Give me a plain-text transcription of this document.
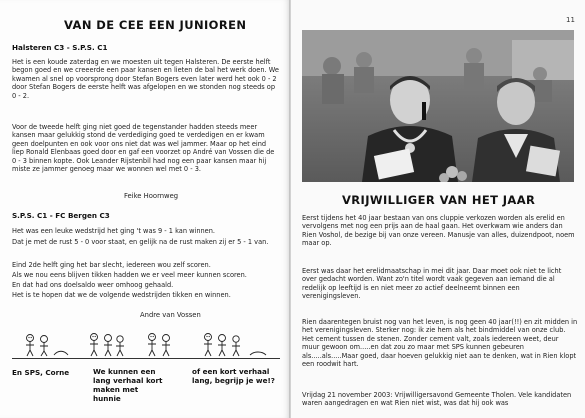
VAN DE CEE EEN JUNIOREN
Halsteren C3 - S.P.S. C1
Het is een koude zaterdag en we moesten uit tegen Halsteren. De eerste helft begon goed en we creeerde een paar kansen en lieten de bal het werk doen. We kwamen al snel op voorsprong door Stefan Bogers even later werd het ook 0 - 2 door Stefan Bogers de eerste helft was afgelopen en we stonden nog steeds op 0 - 2.
Voor de tweede helft ging niet goed de tegenstander hadden steeds meer kansen maar gelukkig stond de verdediging goed te verdedigen en er kwam geen doelpunten en ook voor ons niet dat was wel jammer. Maar op het eind liep Ronald Elenbaas goed door en gaf een voorzet op André van Vossen die de 0 - 3 binnen kopte. Ook Leander Rijstenbil had nog een paar kansen maar hij miste ze jammer genoeg maar we wonnen wel met 0 - 3.
Feike Hoornweg
S.P.S. C1 - FC Bergen C3
Het was een leuke wedstrijd het ging 't was 9 - 1 kan winnen.
Dat je met de rust 5 - 0 voor staat, en gelijk na de rust maken zij er 5 - 1 van.
Eind 2de helft ging het bar slecht, iedereen wou zelf scoren.
Als we nou eens blijven tikken hadden we er veel meer kunnen scoren.
En dat had ons doelsaldo weer omhoog gehaald.
Het is te hopen dat we de volgende wedstrijden tikken en winnen.
Andre van Vossen
En SPS, Corne	We kunnen een lang verhaal kort maken met hunnie
of een kort verhaal lang, begrijp je we!?
11
VRIJWILLIGER VAN HET JAAR
Eerst tijdens het 40 jaar bestaan van ons cluppie verkozen worden als erelid en vervolgens met nog een prijs aan de haal gaan. Het overkwam wie anders dan Rien Voshol, de bezige bij van onze vereen. Manusje van alles, duizendpoot, noem maar op.
Eerst was daar het erelidmaatschap in mei dit jaar. Daar moet ook niet te licht over gedacht worden. Want zo'n titel wordt vaak gegeven aan iemand die al redelijk op leeftijd is en niet meer zo actief deelneemt binnen een verenigingsleven.
Rien daarentegen bruist nog van het leven, is nog geen 40 jaar(!!) en zit midden in het verenigingsleven. Sterker nog: ik zie hem als het bindmiddel van onze club. Het cement tussen de stenen. Zonder cement valt, zoals iedereen weet, deur muur gewoon om.....en dat zou zo maar met SPS kunnen gebeuren als.....als.....Maar goed, daar hoeven gelukkig niet aan te denken, wat in Rien klopt een roodwit hart.
Vrijdag 21 november 2003: Vrijwilligersavond Gemeente Tholen. Vele kandidaten waren aangedragen en wat Rien niet wist, was dat hij ook was
